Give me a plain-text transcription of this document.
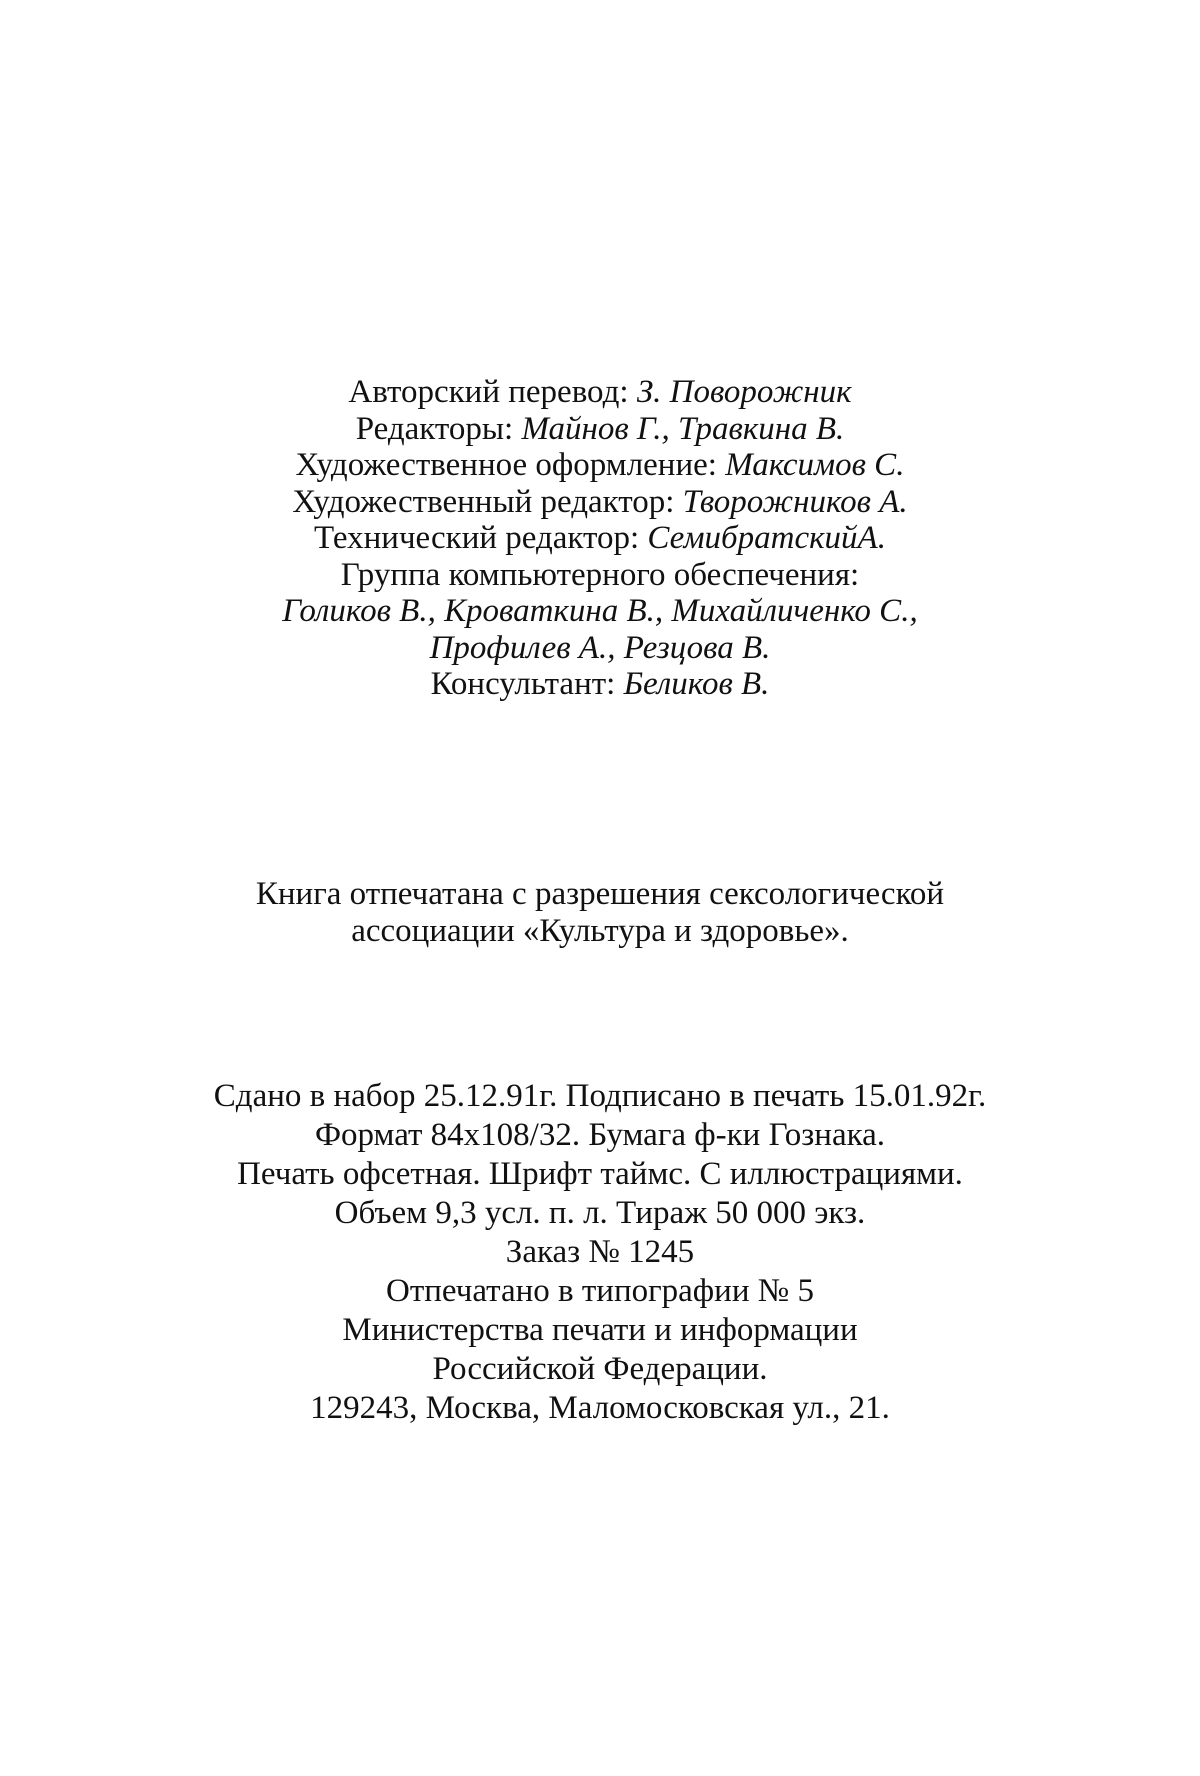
Авторский перевод: З. Поворожник
Редакторы: Майнов Г., Травкина В.
Художественное оформление: Максимов С.
Художественный редактор: Творожников А.
Технический редактор: СемибратскийА.
Группа компьютерного обеспечения:
Голиков В., Кроваткина В., Михайличенко С.,
Профилев А., Резцова В.
Консультант: Беликов В.
Книга отпечатана с разрешения сексологической
ассоциации «Культура и здоровье».
Сдано в набор 25.12.91г. Подписано в печать 15.01.92г.
Формат 84х108/32. Бумага ф-ки Гознака.
Печать офсетная. Шрифт таймс. С иллюстрациями.
Объем 9,3 усл. п. л. Тираж 50 000 экз.
Заказ № 1245
Отпечатано в типографии № 5
Министерства печати и информации
Российской Федерации.
129243, Москва, Маломосковская ул., 21.
